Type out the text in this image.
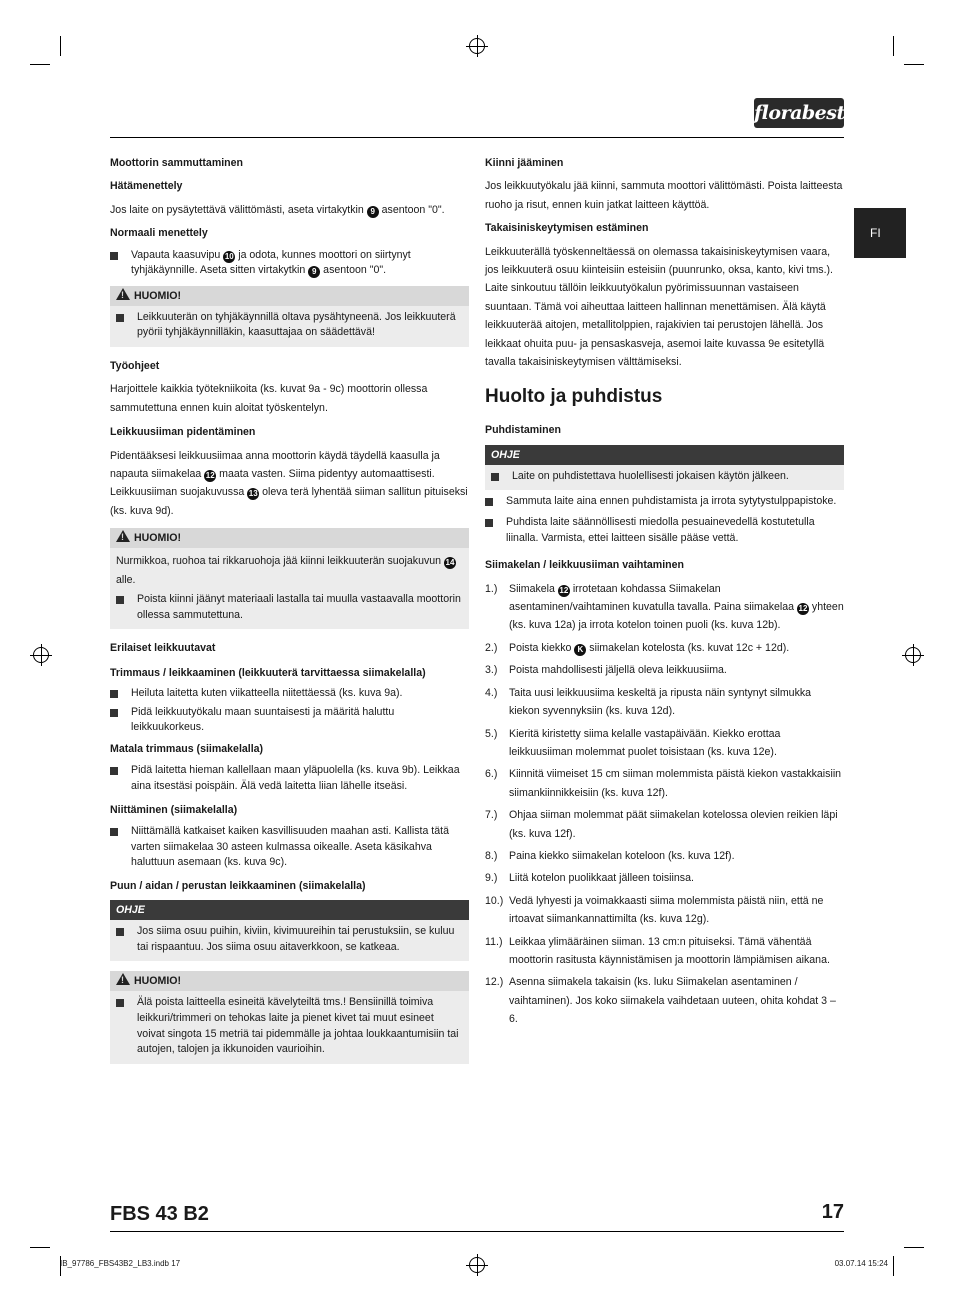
florabest
FI
Moottorin sammuttaminen
Hätämenettely
Jos laite on pysäytettävä välittömästi, aseta virtakytkin 9 asentoon "0".
Normaali menettely
Vapauta kaasuvipu 10 ja odota, kunnes moottori on siirtynyt tyhjäkäynnille. Aseta sitten virtakytkin 9 asentoon "0".
!HUOMIO!
Leikkuuterän on tyhjäkäynnillä oltava pysähtyneenä. Jos leikkuuterä pyörii tyhjäkäynnilläkin, kaasuttajaa on säädettävä!
Työohjeet
Harjoittele kaikkia työtekniikoita (ks. kuvat 9a - 9c) moottorin ollessa sammutettuna ennen kuin aloitat työskentelyn.
Leikkuusiiman pidentäminen
Pidentääksesi leikkuusiimaa anna moottorin käydä täydellä kaasulla ja napauta siimakelaa 12 maata vasten. Siima pidentyy automaattisesti. Leikkuusiiman suojakuvussa 13 oleva terä lyhentää siiman sallitun pituiseksi (ks. kuva 9d).
!HUOMIO!
Nurmikkoa, ruohoa tai rikkaruohoja jää kiinni leikkuuterän suojakuvun 14 alle.
Poista kiinni jäänyt materiaali lastalla tai muulla vastaavalla moottorin ollessa sammutettuna.
Erilaiset leikkuutavat
Trimmaus / leikkaaminen (leikkuuterä tarvittaessa siimakelalla)
Heiluta laitetta kuten viikatteella niitettäessä (ks. kuva 9a).
Pidä leikkuutyökalu maan suuntaisesti ja määritä haluttu leikkuukorkeus.
Matala trimmaus (siimakelalla)
Pidä laitetta hieman kallellaan maan yläpuolella (ks. kuva 9b). Leikkaa aina itsestäsi poispäin. Älä vedä laitetta liian lähelle itseäsi.
Niittäminen (siimakelalla)
Niittämällä katkaiset kaiken kasvillisuuden maahan asti. Kallista tätä varten siimakelaa 30 asteen kulmassa oikealle. Aseta käsikahva haluttuun asemaan (ks. kuva 9c).
Puun / aidan / perustan leikkaaminen (siimakelalla)
OHJE
Jos siima osuu puihin, kiviin, kivimuureihin tai perustuksiin, se kuluu tai rispaantuu. Jos siima osuu aitaverkkoon, se katkeaa.
!HUOMIO!
Älä poista laitteella esineitä kävelyteiltä tms.! Bensiinillä toimiva leikkuri/trimmeri on tehokas laite ja pienet kivet tai muut esineet voivat singota 15 metriä tai pidemmälle ja johtaa loukkaantumisiin tai autojen, talojen ja ikkunoiden vaurioihin.
Kiinni jääminen
Jos leikkuutyökalu jää kiinni, sammuta moottori välittömästi. Poista laitteesta ruoho ja risut, ennen kuin jatkat laitteen käyttöä.
Takaisiniskeytymisen estäminen
Leikkuuterällä työskenneltäessä on olemassa takaisiniskeytymisen vaara, jos leikkuuterä osuu kiinteisiin esteisiin (puunrunko, oksa, kanto, kivi tms.). Laite sinkoutuu tällöin leikkuutyökalun pyörimissuunnan vastaiseen suuntaan. Tämä voi aiheuttaa laitteen hallinnan menettämisen. Älä käytä leikkuuterää aitojen, metallitolppien, rajakivien tai perustojen lähellä. Jos leikkaat ohuita puu- ja pensaskasveja, asemoi laite kuvassa 9e esitetyllä tavalla takaisiniskeytymisen välttämiseksi.
Huolto ja puhdistus
Puhdistaminen
OHJE
Laite on puhdistettava huolellisesti jokaisen käytön jälkeen.
Sammuta laite aina ennen puhdistamista ja irrota sytytystulppapistoke.
Puhdista laite säännöllisesti miedolla pesuainevedellä kostutetulla liinalla. Varmista, ettei laitteen sisälle pääse vettä.
Siimakelan / leikkuusiiman vaihtaminen
1.) Siimakela 12 irrotetaan kohdassa Siimakelan asentaminen/vaihtaminen kuvatulla tavalla. Paina siimakelaa 12 yhteen (ks. kuva 12a) ja irrota kotelon toinen puoli (ks. kuva 12b).
2.) Poista kiekko K siimakelan kotelosta (ks. kuvat 12c + 12d).
3.) Poista mahdollisesti jäljellä oleva leikkuusiima.
4.) Taita uusi leikkuusiima keskeltä ja ripusta näin syntynyt silmukka kiekon syvennyksiin (ks. kuva 12d).
5.) Kieritä kiristetty siima kelalle vastapäivään. Kiekko erottaa leikkuusiiman molemmat puolet toisistaan (ks. kuva 12e).
6.) Kiinnitä viimeiset 15 cm siiman molemmista päistä kiekon vastakkaisiin siimankiinnikkeisiin (ks. kuva 12f).
7.) Ohjaa siiman molemmat päät siimakelan kotelossa olevien reikien läpi (ks. kuva 12f).
8.) Paina kiekko siimakelan koteloon (ks. kuva 12f).
9.) Liitä kotelon puolikkaat jälleen toisiinsa.
10.) Vedä lyhyesti ja voimakkaasti siima molemmista päistä niin, että ne irtoavat siimankannattimilta (ks. kuva 12g).
11.) Leikkaa ylimääräinen siiman. 13 cm:n pituiseksi. Tämä vähentää moottorin rasitusta käynnistämisen ja moottorin lämpiämisen aikana.
12.) Asenna siimakela takaisin (ks. luku Siimakelan asentaminen / vaihtaminen). Jos koko siimakela vaihdetaan uuteen, ohita kohdat 3 – 6.
FBS 43 B2	17
IB_97786_FBS43B2_LB3.indb 17	03.07.14 15:24
